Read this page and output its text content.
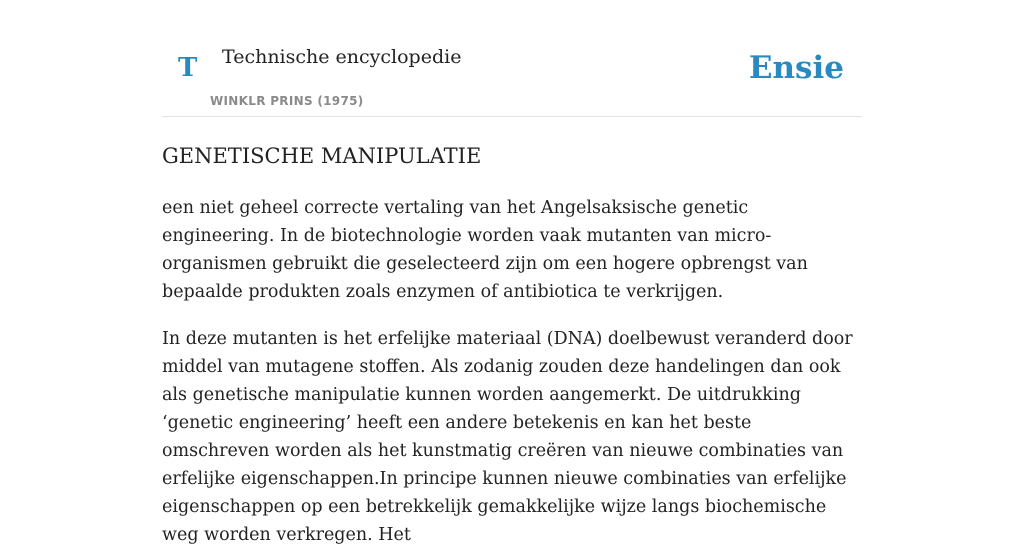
T Technische encyclopedie
WINKLR PRINS (1975)
Ensie
GENETISCHE MANIPULATIE

een niet geheel correcte vertaling van het Angelsaksische genetic engineering. In de biotechnologie worden vaak mutanten van micro-organismen gebruikt die geselecteerd zijn om een hogere opbrengst van bepaalde produkten zoals enzymen of antibiotica te verkrijgen.

In deze mutanten is het erfelijke materiaal (DNA) doelbewust veranderd door middel van mutagene stoffen. Als zodanig zouden deze handelingen dan ook als genetische manipulatie kunnen worden aangemerkt. De uitdrukking ‘genetic engineering’ heeft een andere betekenis en kan het beste omschreven worden als het kunstmatig creëren van nieuwe combinaties van erfelijke eigenschappen.In principe kunnen nieuwe combinaties van erfelijke eigenschappen op een betrekkelijk gemakkelijke wijze langs biochemische weg worden verkregen. Het
